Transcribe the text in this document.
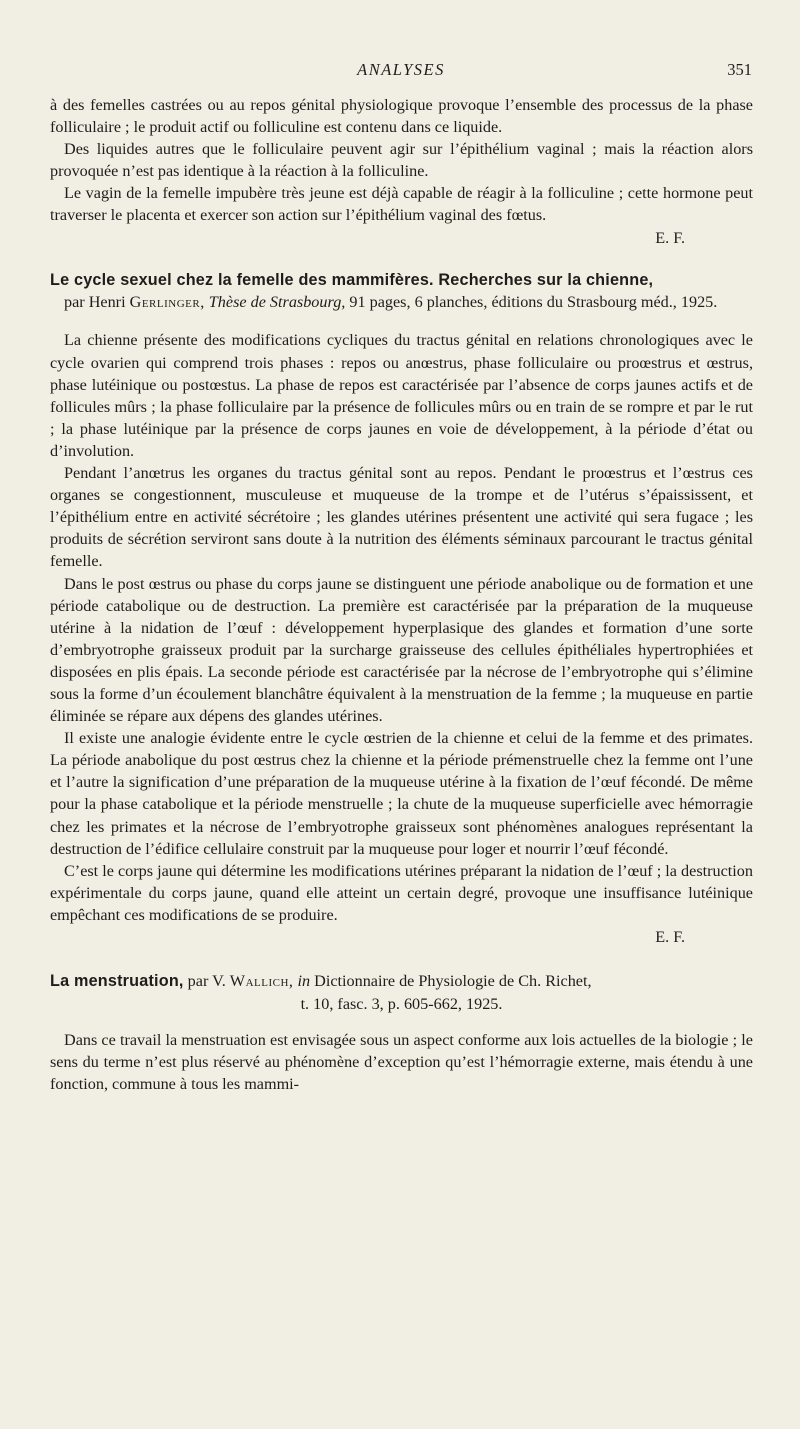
ANALYSES	351

à des femelles castrées ou au repos génital physiologique provoque l’ensemble des processus de la phase folliculaire ; le produit actif ou folliculine est contenu dans ce liquide.

Des liquides autres que le folliculaire peuvent agir sur l’épithélium vaginal ; mais la réaction alors provoquée n’est pas identique à la réaction à la folliculine.

Le vagin de la femelle impubère très jeune est déjà capable de réagir à la folliculine ; cette hormone peut traverser le placenta et exercer son action sur l’épithélium vaginal des fœtus.

E. F.

Le cycle sexuel chez la femelle des mammifères. Recherches sur la chienne,
par Henri Gerlinger, Thèse de Strasbourg, 91 pages, 6 planches, éditions du Strasbourg méd., 1925.

La chienne présente des modifications cycliques du tractus génital en relations chronologiques avec le cycle ovarien qui comprend trois phases : repos ou anœstrus, phase folliculaire ou proœstrus et œstrus, phase lutéinique ou postœstus. La phase de repos est caractérisée par l’absence de corps jaunes actifs et de follicules mûrs ; la phase folliculaire par la présence de follicules mûrs ou en train de se rompre et par le rut ; la phase lutéinique par la présence de corps jaunes en voie de développement, à la période d’état ou d’involution.

Pendant l’anœtrus les organes du tractus génital sont au repos. Pendant le proœstrus et l’œstrus ces organes se congestionnent, musculeuse et muqueuse de la trompe et de l’utérus s’épaississent, et l’épithélium entre en activité sécrétoire ; les glandes utérines présentent une activité qui sera fugace ; les produits de sécrétion serviront sans doute à la nutrition des éléments séminaux parcourant le tractus génital femelle.

Dans le post œstrus ou phase du corps jaune se distinguent une période anabolique ou de formation et une période catabolique ou de destruction. La première est caractérisée par la préparation de la muqueuse utérine à la nidation de l’œuf : développement hyperplasique des glandes et formation d’une sorte d’embryotrophe graisseux produit par la surcharge graisseuse des cellules épithéliales hypertrophiées et disposées en plis épais. La seconde période est caractérisée par la nécrose de l’embryotrophe qui s’élimine sous la forme d’un écoulement blanchâtre équivalent à la menstruation de la femme ; la muqueuse en partie éliminée se répare aux dépens des glandes utérines.

Il existe une analogie évidente entre le cycle œstrien de la chienne et celui de la femme et des primates. La période anabolique du post œstrus chez la chienne et la période prémenstruelle chez la femme ont l’une et l’autre la signification d’une préparation de la muqueuse utérine à la fixation de l’œuf fécondé. De même pour la phase catabolique et la période menstruelle ; la chute de la muqueuse superficielle avec hémorragie chez les primates et la nécrose de l’embryotrophe graisseux sont phénomènes analogues représentant la destruction de l’édifice cellulaire construit par la muqueuse pour loger et nourrir l’œuf fécondé.

C’est le corps jaune qui détermine les modifications utérines préparant la nidation de l’œuf ; la destruction expérimentale du corps jaune, quand elle atteint un certain degré, provoque une insuffisance lutéinique empêchant ces modifications de se produire.

E. F.

La menstruation, par V. Wallich, in Dictionnaire de Physiologie de Ch. Richet,
t. 10, fasc. 3, p. 605-662, 1925.

Dans ce travail la menstruation est envisagée sous un aspect conforme aux lois actuelles de la biologie ; le sens du terme n’est plus réservé au phénomène d’exception qu’est l’hémorragie externe, mais étendu à une fonction, commune à tous les mammi-
